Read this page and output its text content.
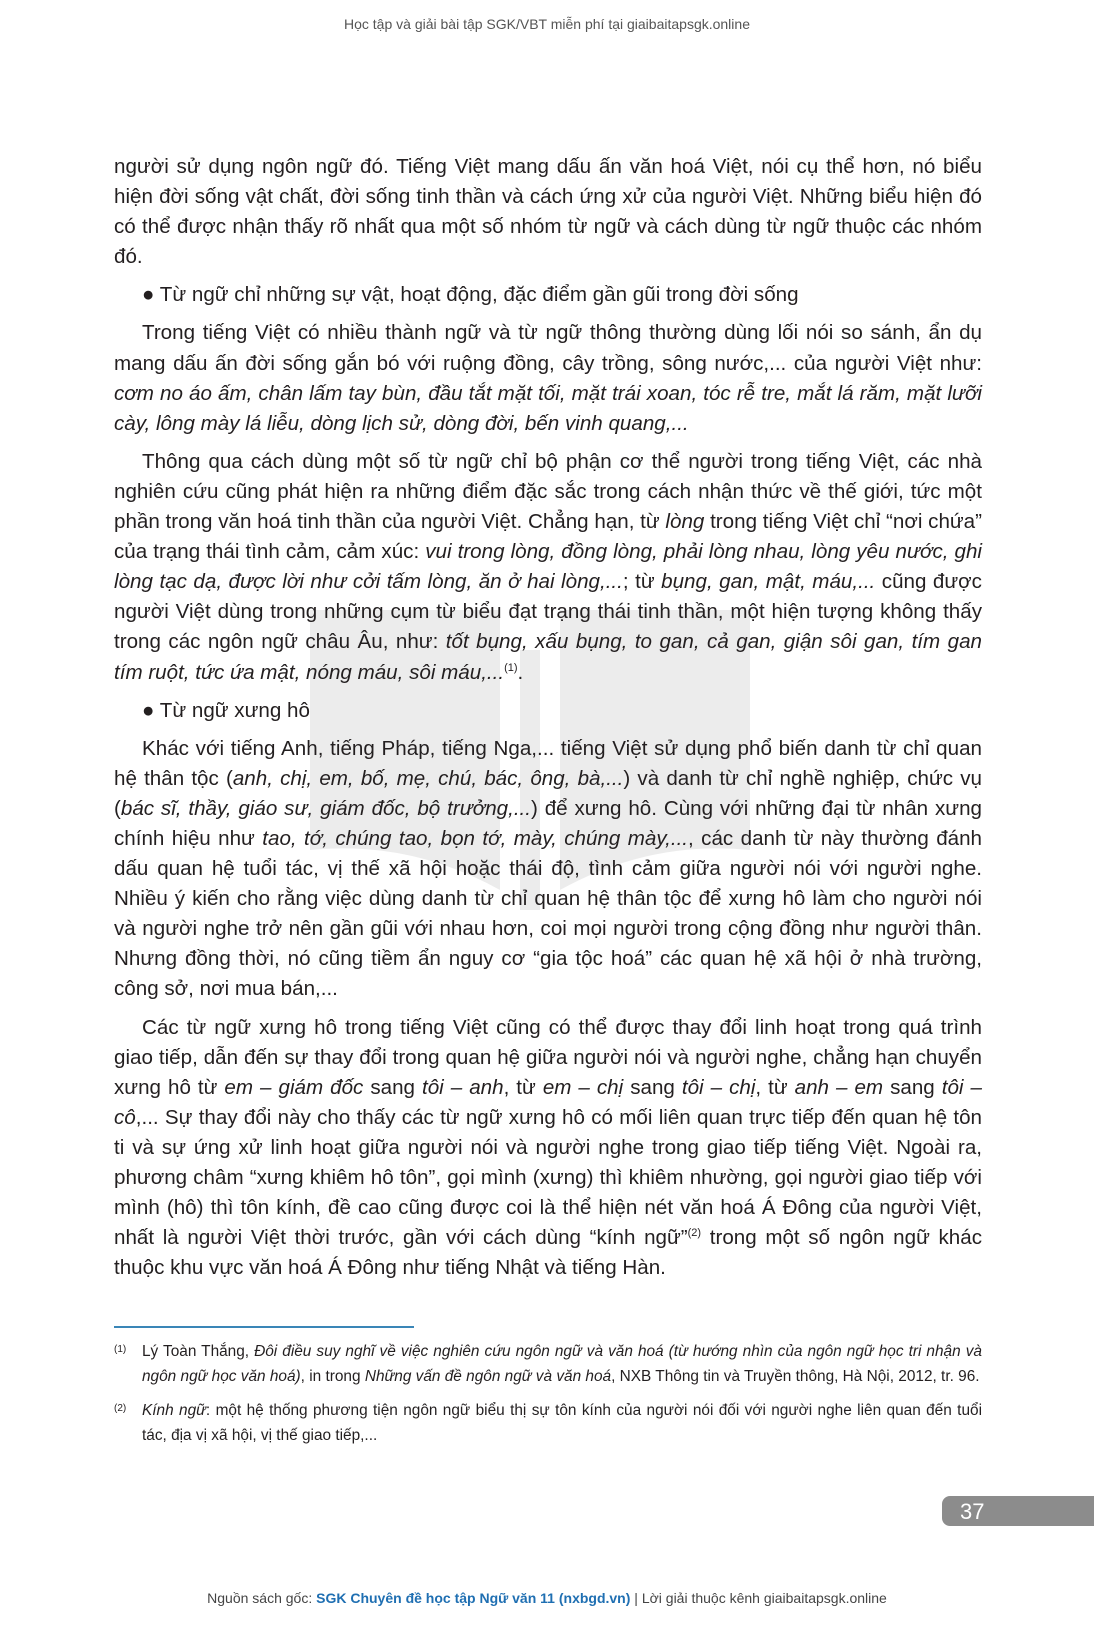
Học tập và giải bài tập SGK/VBT miễn phí tại giaibaitapsgk.online

người sử dụng ngôn ngữ đó. Tiếng Việt mang dấu ấn văn hoá Việt, nói cụ thể hơn, nó biểu hiện đời sống vật chất, đời sống tinh thần và cách ứng xử của người Việt. Những biểu hiện đó có thể được nhận thấy rõ nhất qua một số nhóm từ ngữ và cách dùng từ ngữ thuộc các nhóm đó.

● Từ ngữ chỉ những sự vật, hoạt động, đặc điểm gần gũi trong đời sống

Trong tiếng Việt có nhiều thành ngữ và từ ngữ thông thường dùng lối nói so sánh, ẩn dụ mang dấu ấn đời sống gắn bó với ruộng đồng, cây trồng, sông nước,... của người Việt như: cơm no áo ấm, chân lấm tay bùn, đầu tắt mặt tối, mặt trái xoan, tóc rễ tre, mắt lá răm, mặt lưỡi cày, lông mày lá liễu, dòng lịch sử, dòng đời, bến vinh quang,...

Thông qua cách dùng một số từ ngữ chỉ bộ phận cơ thể người trong tiếng Việt, các nhà nghiên cứu cũng phát hiện ra những điểm đặc sắc trong cách nhận thức về thế giới, tức một phần trong văn hoá tinh thần của người Việt. Chẳng hạn, từ lòng trong tiếng Việt chỉ “nơi chứa” của trạng thái tình cảm, cảm xúc: vui trong lòng, đồng lòng, phải lòng nhau, lòng yêu nước, ghi lòng tạc dạ, được lời như cởi tấm lòng, ăn ở hai lòng,...; từ bụng, gan, mật, máu,... cũng được người Việt dùng trong những cụm từ biểu đạt trạng thái tinh thần, một hiện tượng không thấy trong các ngôn ngữ châu Âu, như: tốt bụng, xấu bụng, to gan, cả gan, giận sôi gan, tím gan tím ruột, tức ứa mật, nóng máu, sôi máu,...$^{(1)}$.

● Từ ngữ xưng hô

Khác với tiếng Anh, tiếng Pháp, tiếng Nga,... tiếng Việt sử dụng phổ biến danh từ chỉ quan hệ thân tộc (anh, chị, em, bố, mẹ, chú, bác, ông, bà,...) và danh từ chỉ nghề nghiệp, chức vụ (bác sĩ, thầy, giáo sư, giám đốc, bộ trưởng,...) để xưng hô. Cùng với những đại từ nhân xưng chính hiệu như tao, tớ, chúng tao, bọn tớ, mày, chúng mày,..., các danh từ này thường đánh dấu quan hệ tuổi tác, vị thế xã hội hoặc thái độ, tình cảm giữa người nói với người nghe. Nhiều ý kiến cho rằng việc dùng danh từ chỉ quan hệ thân tộc để xưng hô làm cho người nói và người nghe trở nên gần gũi với nhau hơn, coi mọi người trong cộng đồng như người thân. Nhưng đồng thời, nó cũng tiềm ẩn nguy cơ “gia tộc hoá” các quan hệ xã hội ở nhà trường, công sở, nơi mua bán,...

Các từ ngữ xưng hô trong tiếng Việt cũng có thể được thay đổi linh hoạt trong quá trình giao tiếp, dẫn đến sự thay đổi trong quan hệ giữa người nói và người nghe, chẳng hạn chuyển xưng hô từ em – giám đốc sang tôi – anh, từ em – chị sang tôi – chị, từ anh – em sang tôi – cô,... Sự thay đổi này cho thấy các từ ngữ xưng hô có mối liên quan trực tiếp đến quan hệ tôn ti và sự ứng xử linh hoạt giữa người nói và người nghe trong giao tiếp tiếng Việt. Ngoài ra, phương châm “xưng khiêm hô tôn”, gọi mình (xưng) thì khiêm nhường, gọi người giao tiếp với mình (hô) thì tôn kính, đề cao cũng được coi là thể hiện nét văn hoá Á Đông của người Việt, nhất là người Việt thời trước, gần với cách dùng “kính ngữ”$^{(2)}$ trong một số ngôn ngữ khác thuộc khu vực văn hoá Á Đông như tiếng Nhật và tiếng Hàn.

(1) Lý Toàn Thắng, Đôi điều suy nghĩ về việc nghiên cứu ngôn ngữ và văn hoá (từ hướng nhìn của ngôn ngữ học tri nhận và ngôn ngữ học văn hoá), in trong Những vấn đề ngôn ngữ và văn hoá, NXB Thông tin và Truyền thông, Hà Nội, 2012, tr. 96.
(2) Kính ngữ: một hệ thống phương tiện ngôn ngữ biểu thị sự tôn kính của người nói đối với người nghe liên quan đến tuổi tác, địa vị xã hội, vị thế giao tiếp,...
37
Nguồn sách gốc: SGK Chuyên đề học tập Ngữ văn 11 (nxbgd.vn) | Lời giải thuộc kênh giaibaitapsgk.online
